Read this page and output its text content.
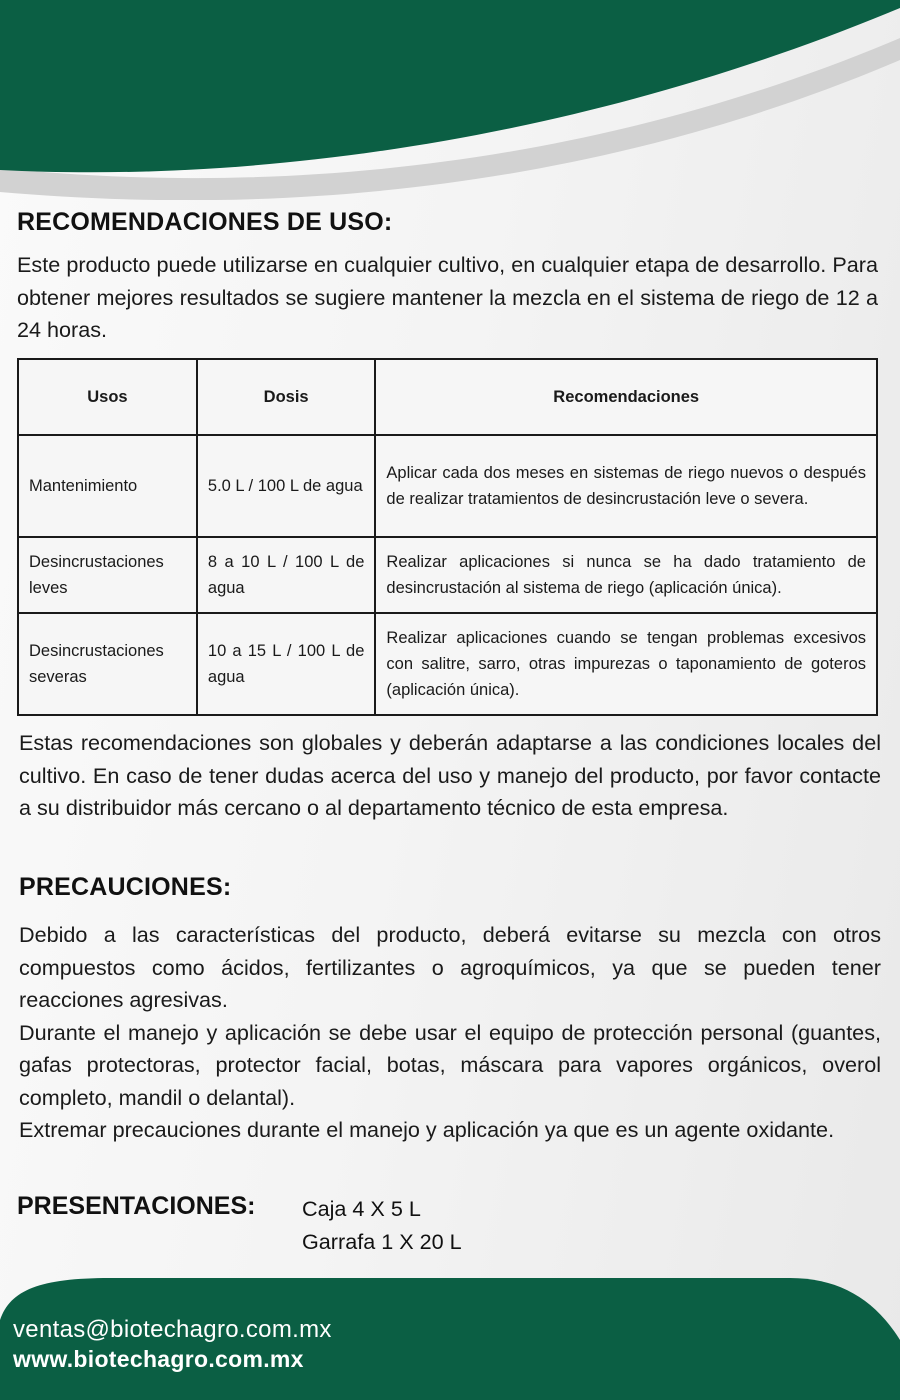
RECOMENDACIONES DE USO:

Este producto puede utilizarse en cualquier cultivo, en cualquier etapa de desarrollo. Para obtener mejores resultados se sugiere mantener la mezcla en el sistema de riego de 12 a 24 horas.

Usos	Dosis	Recomendaciones
Mantenimiento	5.0 L / 100 L de agua	Aplicar cada dos meses en sistemas de riego nuevos o después de realizar tratamientos de desincrustación leve o severa.
Desincrustaciones leves	8 a 10 L / 100 L de agua	Realizar aplicaciones si nunca se ha dado tratamiento de desincrustación al sistema de riego (aplicación única).
Desincrustaciones severas	10 a 15 L / 100 L de agua	Realizar aplicaciones cuando se tengan problemas excesivos con salitre, sarro, otras impurezas o taponamiento de goteros (aplicación única).

Estas recomendaciones son globales y deberán adaptarse a las condiciones locales del cultivo. En caso de tener dudas acerca del uso y manejo del producto, por favor contacte a su distribuidor más cercano o al departamento técnico de esta empresa.

PRECAUCIONES:

Debido a las características del producto, deberá evitarse su mezcla con otros compuestos como ácidos, fertilizantes o agroquímicos, ya que se pueden tener reacciones agresivas.

Durante el manejo y aplicación se debe usar el equipo de protección personal (guantes, gafas protectoras, protector facial, botas, máscara para vapores orgánicos, overol completo, mandil o delantal).

Extremar precauciones durante el manejo y aplicación ya que es un agente oxidante.

PRESENTACIONES: Caja 4 X 5 L
Garrafa 1 X 20 L
ventas@biotechagro.com.mx
www.biotechagro.com.mx
